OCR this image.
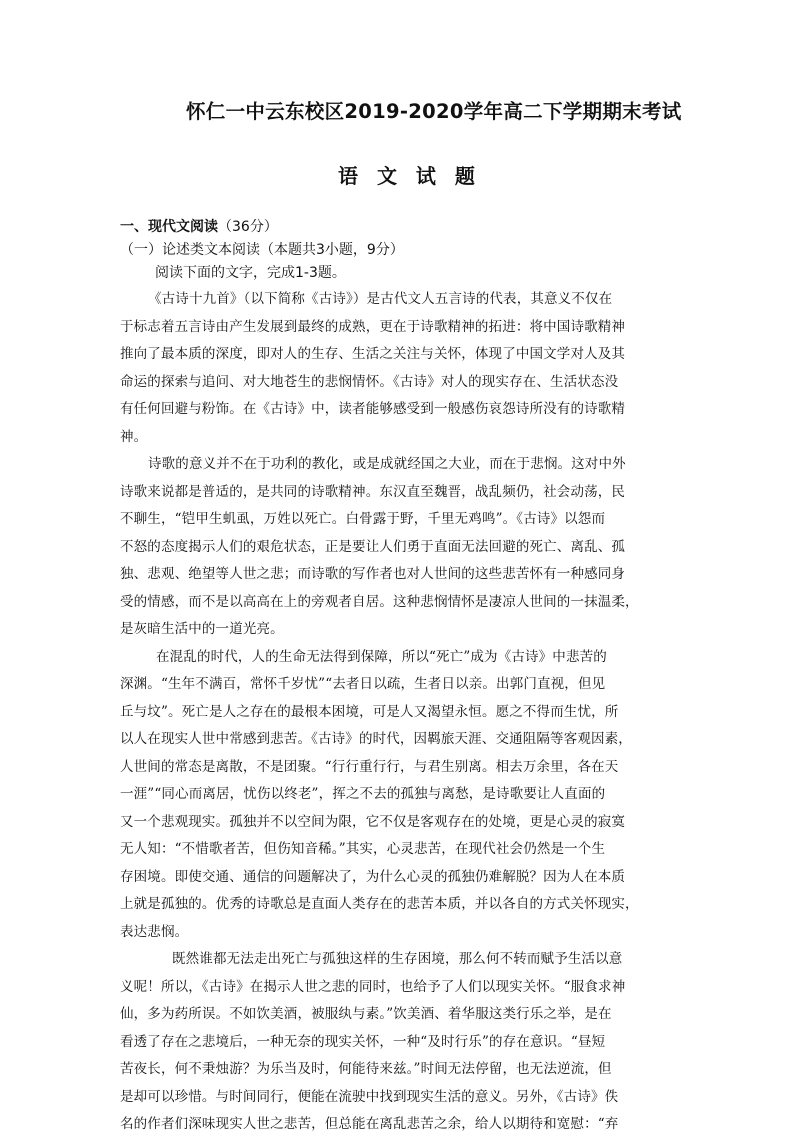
怀仁一中云东校区2019-2020学年高二下学期期末考试
语 文 试 题
一、现代文阅读（36分）
（一）论述类文本阅读（本题共3小题，9分）
阅读下面的文字，完成1-3题。
《古诗十九首》（以下简称《古诗》）是古代文人五言诗的代表，其意义不仅在
于标志着五言诗由产生发展到最终的成熟，更在于诗歌精神的拓进：将中国诗歌精神
推向了最本质的深度，即对人的生存、生活之关注与关怀，体现了中国文学对人及其
命运的探索与追问、对大地苍生的悲悯情怀。《古诗》对人的现实存在、生活状态没
有任何回避与粉饰。在《古诗》中，读者能够感受到一般感伤哀怨诗所没有的诗歌精
神。
诗歌的意义并不在于功利的教化，或是成就经国之大业，而在于悲悯。这对中外
诗歌来说都是普适的，是共同的诗歌精神。东汉直至魏晋，战乱频仍，社会动荡，民
不聊生，“铠甲生虮虱，万姓以死亡。白骨露于野，千里无鸡鸣”。《古诗》以怨而
不怒的态度揭示人们的艰危状态，正是要让人们勇于直面无法回避的死亡、离乱、孤
独、悲观、绝望等人世之悲；而诗歌的写作者也对人世间的这些悲苦怀有一种感同身
受的情感，而不是以高高在上的旁观者自居。这种悲悯情怀是凄凉人世间的一抹温柔，
是灰暗生活中的一道光亮。
在混乱的时代，人的生命无法得到保障，所以“死亡”成为《古诗》中悲苦的
深渊。“生年不满百，常怀千岁忧”“去者日以疏，生者日以亲。出郭门直视，但见
丘与坟”。死亡是人之存在的最根本困境，可是人又渴望永恒。愿之不得而生忧，所
以人在现实人世中常感到悲苦。《古诗》的时代，因羁旅天涯、交通阻隔等客观因素，
人世间的常态是离散，不是团聚。“行行重行行，与君生别离。相去万余里，各在天
一涯”“同心而离居，忧伤以终老”，挥之不去的孤独与离愁，是诗歌要让人直面的
又一个悲观现实。孤独并不以空间为限，它不仅是客观存在的处境，更是心灵的寂寞
无人知：“不惜歌者苦，但伤知音稀。”其实，心灵悲苦，在现代社会仍然是一个生
存困境。即使交通、通信的问题解决了，为什么心灵的孤独仍难解脱？因为人在本质
上就是孤独的。优秀的诗歌总是直面人类存在的悲苦本质，并以各自的方式关怀现实，
表达悲悯。
既然谁都无法走出死亡与孤独这样的生存困境，那么何不转而赋予生活以意
义呢！所以，《古诗》在揭示人世之悲的同时，也给予了人们以现实关怀。“服食求神
仙，多为药所误。不如饮美酒，被服纨与素。”饮美酒、着华服这类行乐之举，是在
看透了存在之悲境后，一种无奈的现实关怀，一种“及时行乐”的存在意识。“昼短
苦夜长，何不秉烛游？为乐当及时，何能待来兹。”时间无法停留，也无法逆流，但
是却可以珍惜。与时间同行，便能在流驶中找到现实生活的意义。另外，《古诗》佚
名的作者们深味现实人世之悲苦，但总能在离乱悲苦之余，给人以期待和宽慰：“弃
